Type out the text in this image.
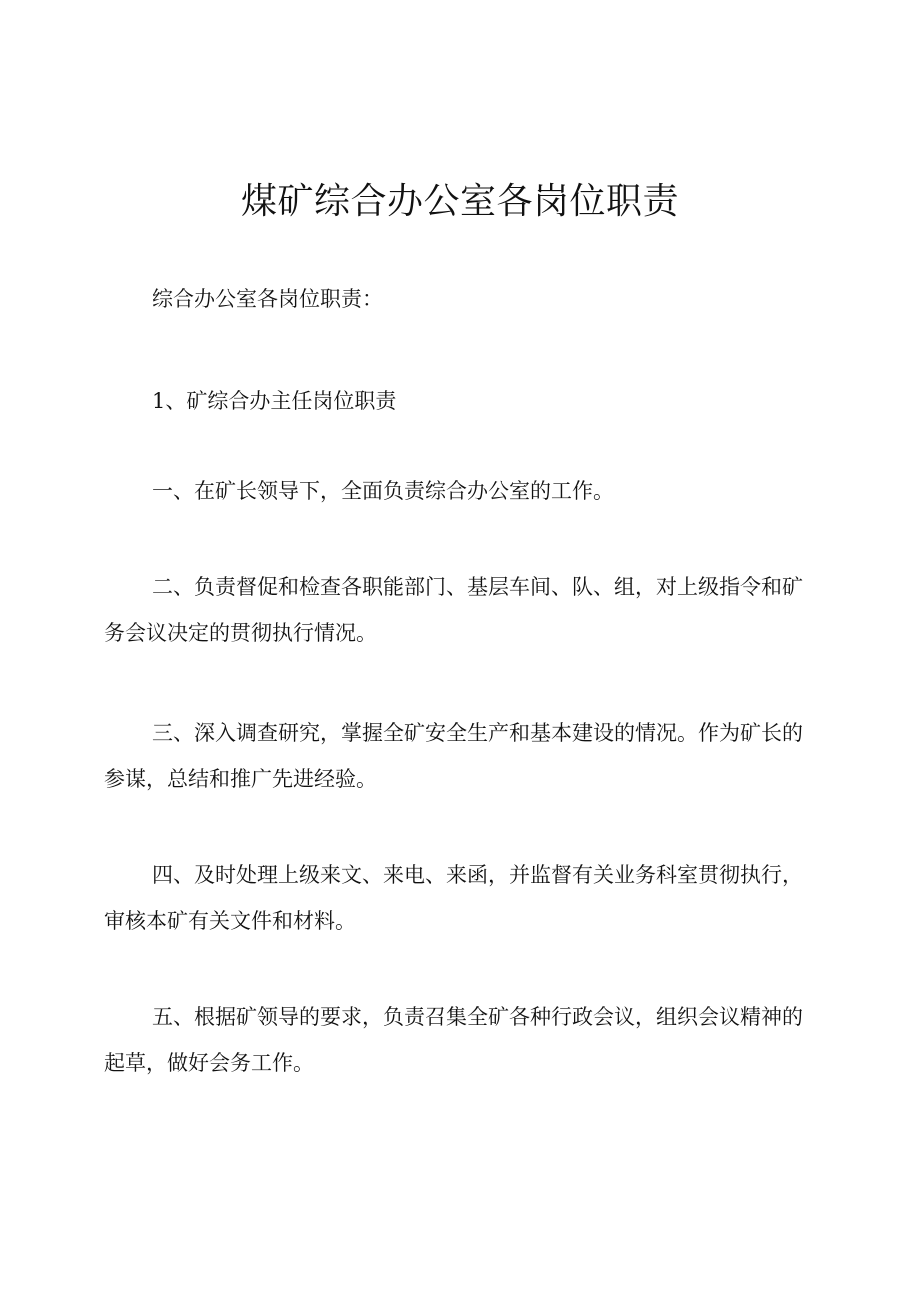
煤矿综合办公室各岗位职责

综合办公室各岗位职责：

1、矿综合办主任岗位职责

一、在矿长领导下，全面负责综合办公室的工作。

二、负责督促和检查各职能部门、基层车间、队、组，对上级指令和矿务会议决定的贯彻执行情况。

三、深入调查研究，掌握全矿安全生产和基本建设的情况。作为矿长的参谋，总结和推广先进经验。

四、及时处理上级来文、来电、来函，并监督有关业务科室贯彻执行，审核本矿有关文件和材料。

五、根据矿领导的要求，负责召集全矿各种行政会议，组织会议精神的起草，做好会务工作。
